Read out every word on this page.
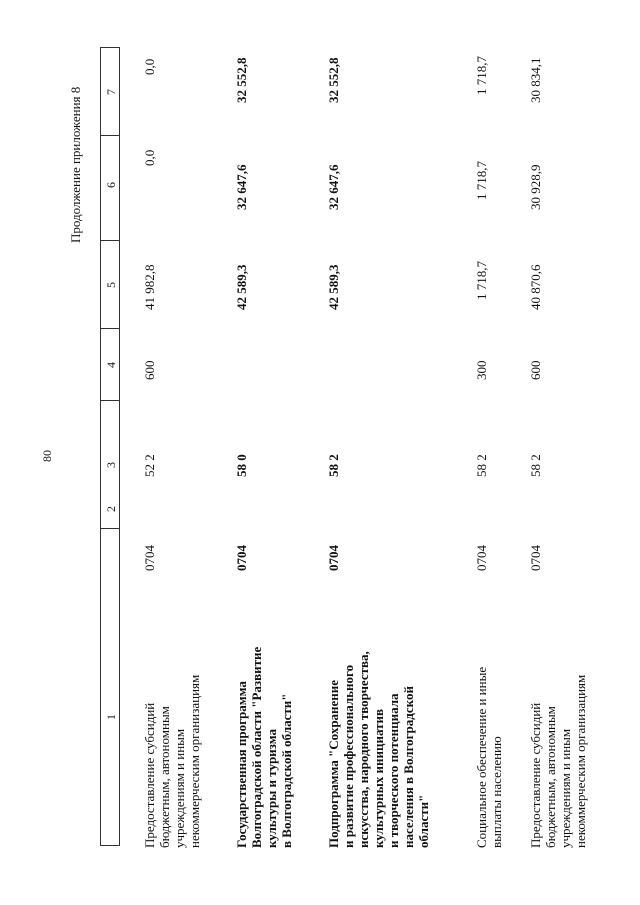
80
Продолжение приложения 8
1
2
3
4
5
6
7
Предоставление субсидий
бюджетным, автономным
учреждениям и иным
некоммерческим организациям
0704
52 2
600
41 982,8
0,0
0,0
Государственная программа
Волгоградской области "Развитие
культуры и туризма
в Волгоградской области"
0704
58 0
42 589,3
32 647,6
32 552,8
Подпрограмма "Сохранение
и развитие профессионального
искусства, народного творчества,
культурных инициатив
и творческого потенциала
населения в Волгоградской
области"
0704
58 2
42 589,3
32 647,6
32 552,8
Социальное обеспечение и иные
выплаты населению
0704
58 2
300
1 718,7
1 718,7
1 718,7
Предоставление субсидий
бюджетным, автономным
учреждениям и иным
некоммерческим организациям
0704
58 2
600
40 870,6
30 928,9
30 834,1
